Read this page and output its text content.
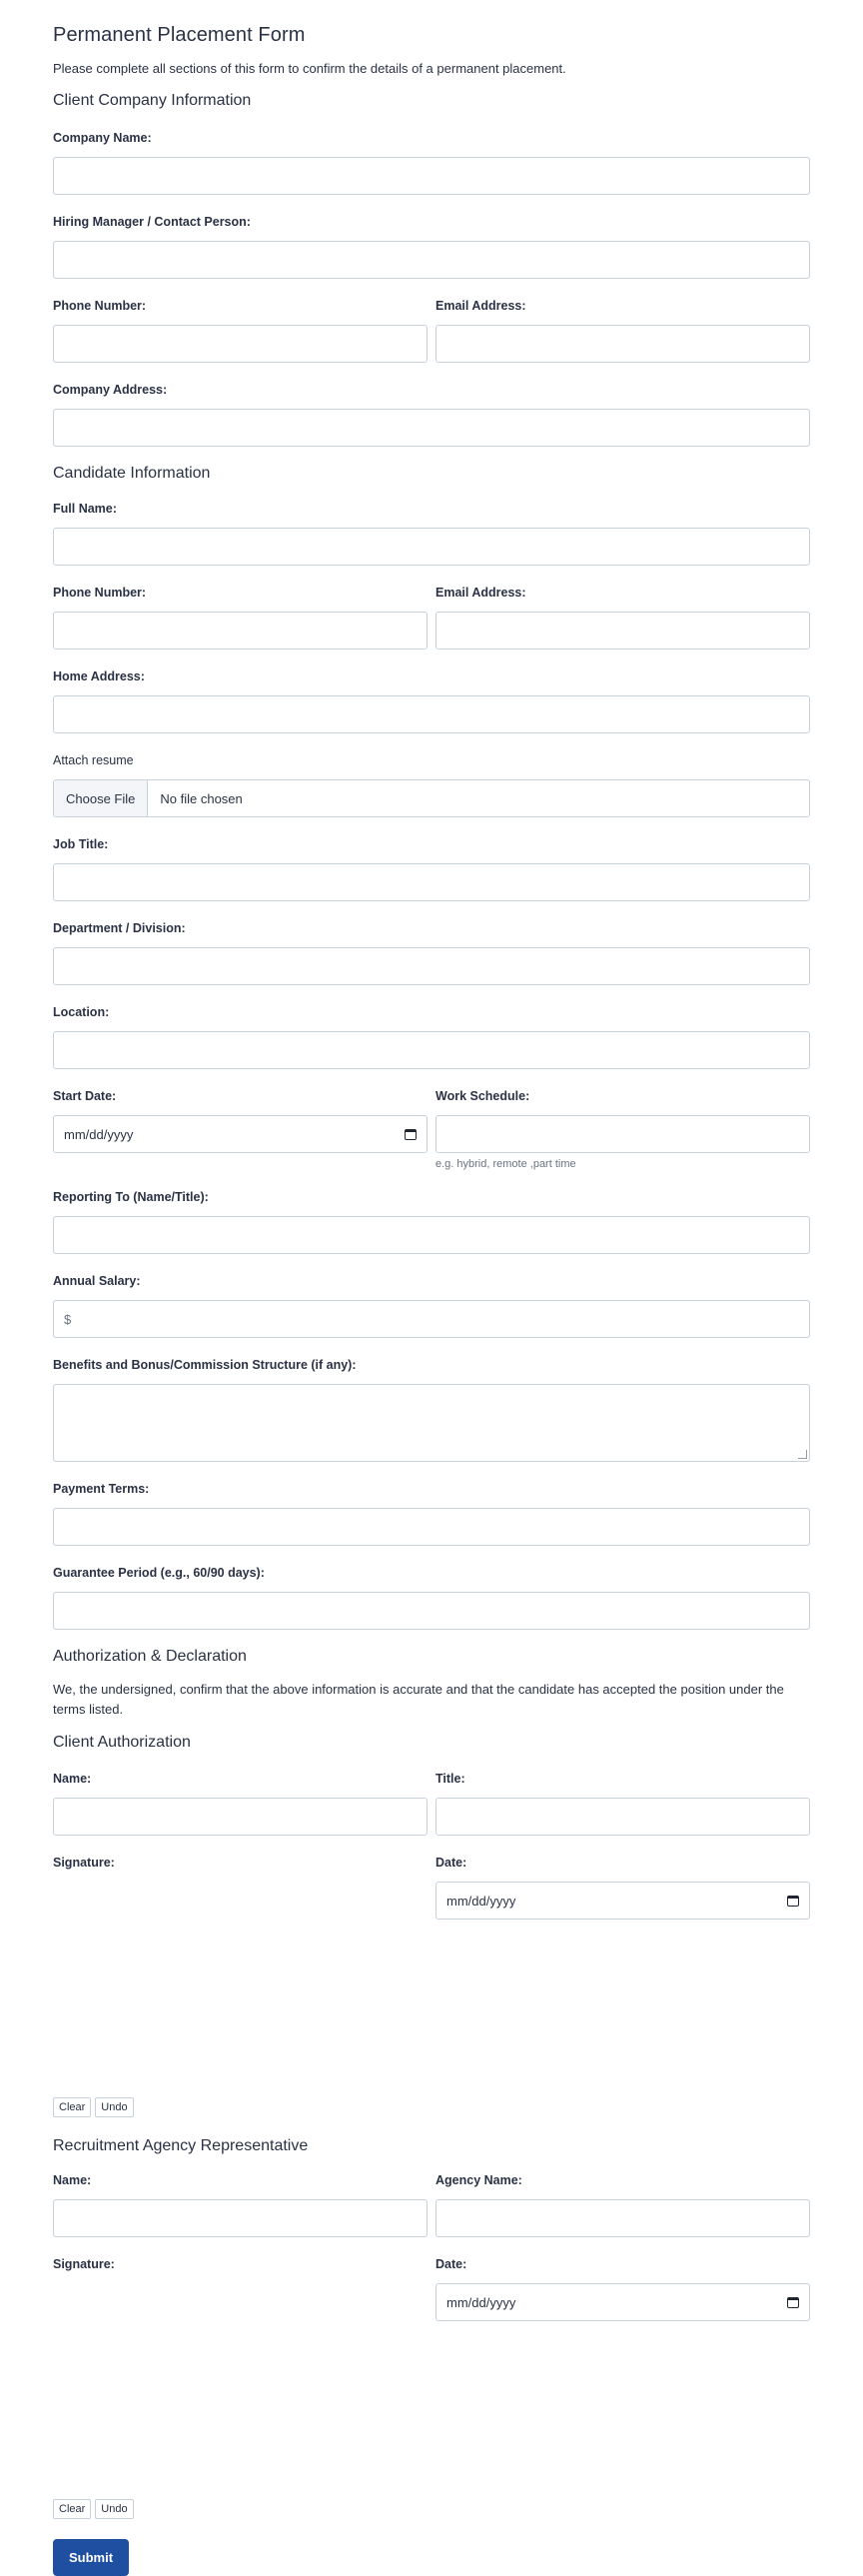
Permanent Placement Form

Please complete all sections of this form to confirm the details of a permanent placement.

Client Company Information
Company Name:
Hiring Manager / Contact Person:
Phone Number:	Email Address:
Company Address:
Candidate Information
Full Name:
Phone Number:	Email Address:
Home Address:
Attach resume
Choose File	No file chosen
Job Title:
Department / Division:
Location:
Start Date:
mm/dd/yyyy
Work Schedule:
e.g. hybrid, remote ,part time
Reporting To (Name/Title):
Annual Salary:
$
Benefits and Bonus/Commission Structure (if any):
Payment Terms:
Guarantee Period (e.g., 60/90 days):
Authorization & Declaration

We, the undersigned, confirm that the above information is accurate and that the candidate has accepted the position under the terms listed.

Client Authorization
Name:	Title:
Signature:
Clear	Undo
Date:
mm/dd/yyyy
Recruitment Agency Representative
Name:	Agency Name:
Signature:
Clear	Undo
Date:
mm/dd/yyyy
Submit
